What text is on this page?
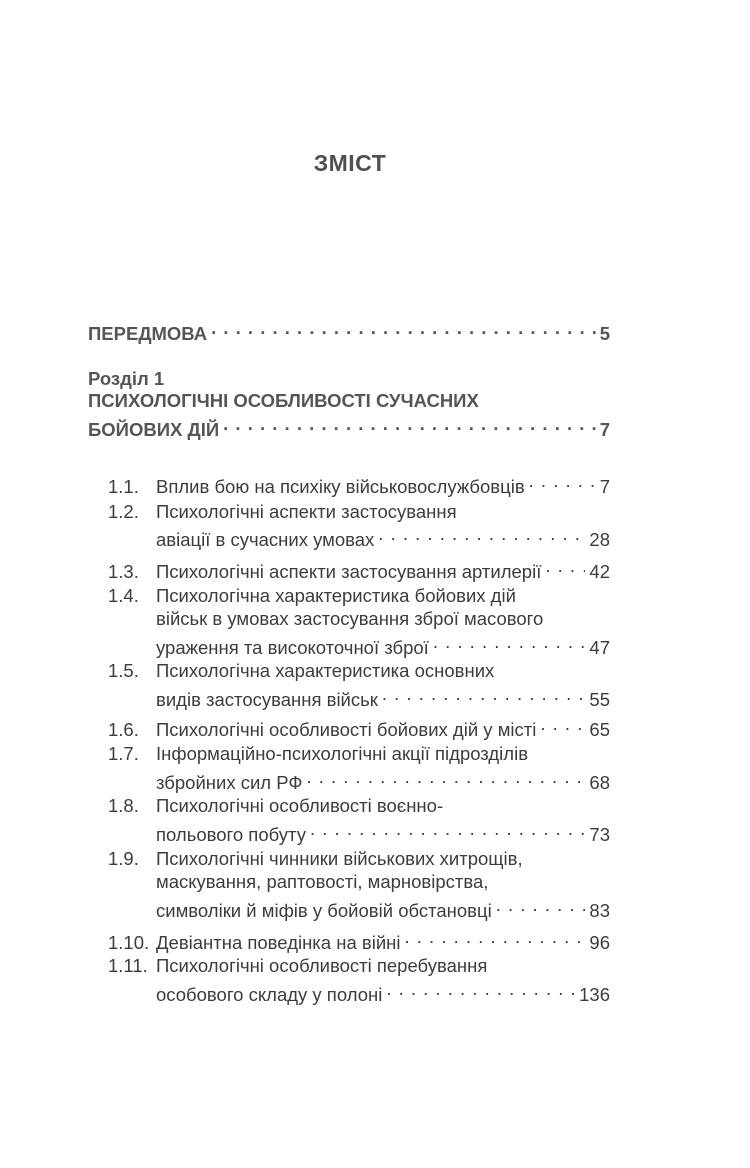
ЗМІСТ
ПЕРЕДМОВА . . .	5
Розділ 1
ПСИХОЛОГІЧНІ ОСОБЛИВОСТІ СУЧАСНИХ
БОЙОВИХ ДІЙ . . .	7
1.1. Вплив бою на психіку військовослужбовців . . .	7
1.2. Психологічні аспекти застосування
авіації в сучасних умовах . . .	28
1.3. Психологічні аспекти застосування артилерії . . .	42
1.4. Психологічна характеристика бойових дій
військ в умовах застосування зброї масового
ураження та високоточної зброї . . .	47
1.5. Психологічна характеристика основних
видів застосування військ . . .	55
1.6. Психологічні особливості бойових дій у місті . . .	65
1.7. Інформаційно-психологічні акції підрозділів
збройних сил РФ . . .	68
1.8. Психологічні особливості воєнно-
польового побуту . . .	73
1.9. Психологічні чинники військових хитрощів,
маскування, раптовості, марновірства,
символіки й міфів у бойовій обстановці . . .	83
1.10. Девіантна поведінка на війні . . .	96
1.11. Психологічні особливості перебування
особового складу у полоні . . .	136
